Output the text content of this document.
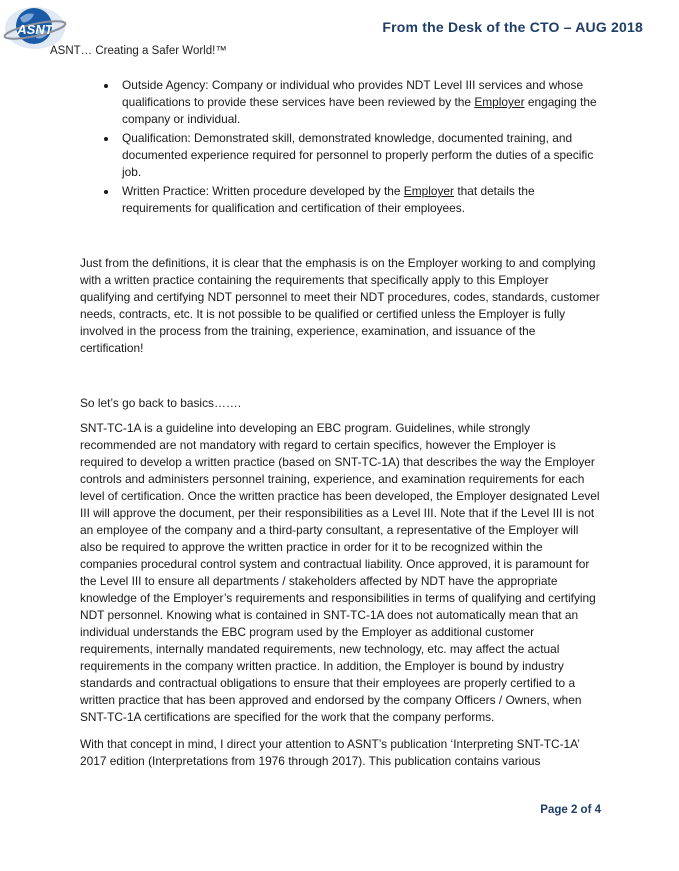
ASNT
ASNT… Creating a Safer World!™
From the Desk of the CTO – AUG 2018
• Outside Agency: Company or individual who provides NDT Level III services and whose qualifications to provide these services have been reviewed by the Employer engaging the company or individual.
• Qualification: Demonstrated skill, demonstrated knowledge, documented training, and documented experience required for personnel to properly perform the duties of a specific job.
• Written Practice: Written procedure developed by the Employer that details the requirements for qualification and certification of their employees.

Just from the definitions, it is clear that the emphasis is on the Employer working to and complying with a written practice containing the requirements that specifically apply to this Employer qualifying and certifying NDT personnel to meet their NDT procedures, codes, standards, customer needs, contracts, etc. It is not possible to be qualified or certified unless the Employer is fully involved in the process from the training, experience, examination, and issuance of the certification!

So let’s go back to basics…….

SNT-TC-1A is a guideline into developing an EBC program. Guidelines, while strongly recommended are not mandatory with regard to certain specifics, however the Employer is required to develop a written practice (based on SNT-TC-1A) that describes the way the Employer controls and administers personnel training, experience, and examination requirements for each level of certification. Once the written practice has been developed, the Employer designated Level III will approve the document, per their responsibilities as a Level III. Note that if the Level III is not an employee of the company and a third-party consultant, a representative of the Employer will also be required to approve the written practice in order for it to be recognized within the companies procedural control system and contractual liability. Once approved, it is paramount for the Level III to ensure all departments / stakeholders affected by NDT have the appropriate knowledge of the Employer’s requirements and responsibilities in terms of qualifying and certifying NDT personnel. Knowing what is contained in SNT-TC-1A does not automatically mean that an individual understands the EBC program used by the Employer as additional customer requirements, internally mandated requirements, new technology, etc. may affect the actual requirements in the company written practice. In addition, the Employer is bound by industry standards and contractual obligations to ensure that their employees are properly certified to a written practice that has been approved and endorsed by the company Officers / Owners, when SNT-TC-1A certifications are specified for the work that the company performs.

With that concept in mind, I direct your attention to ASNT’s publication ‘Interpreting SNT-TC-1A’ 2017 edition (Interpretations from 1976 through 2017). This publication contains various

Page 2 of 4
